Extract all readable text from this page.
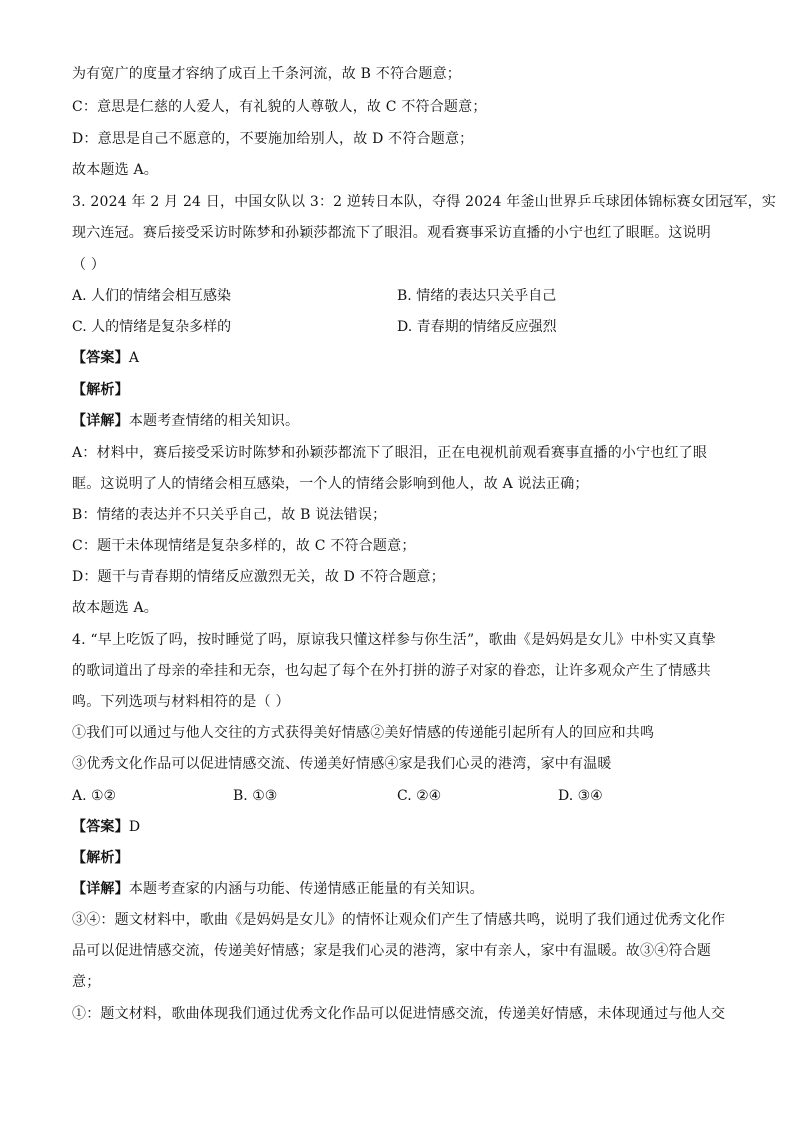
为有宽广的度量才容纳了成百上千条河流，故 B 不符合题意；
C：意思是仁慈的人爱人，有礼貌的人尊敬人，故 C 不符合题意；
D：意思是自己不愿意的，不要施加给别人，故 D 不符合题意；
故本题选 A。
3. 2024 年 2 月 24 日，中国女队以 3：2 逆转日本队，夺得 2024 年釜山世界乒乓球团体锦标赛女团冠军，实
现六连冠。赛后接受采访时陈梦和孙颖莎都流下了眼泪。观看赛事采访直播的小宁也红了眼眶。这说明
（ ）
A. 人们的情绪会相互感染	B. 情绪的表达只关乎自己
C. 人的情绪是复杂多样的	D. 青春期的情绪反应强烈
【答案】A
【解析】
【详解】本题考查情绪的相关知识。
A：材料中，赛后接受采访时陈梦和孙颖莎都流下了眼泪，正在电视机前观看赛事直播的小宁也红了眼
眶。这说明了人的情绪会相互感染，一个人的情绪会影响到他人，故 A 说法正确；
B：情绪的表达并不只关乎自己，故 B 说法错误；
C：题干未体现情绪是复杂多样的，故 C 不符合题意；
D：题干与青春期的情绪反应激烈无关，故 D 不符合题意；
故本题选 A。
4. “早上吃饭了吗，按时睡觉了吗，原谅我只懂这样参与你生活”，歌曲《是妈妈是女儿》中朴实又真挚
的歌词道出了母亲的牵挂和无奈，也勾起了每个在外打拼的游子对家的眷恋，让许多观众产生了情感共
鸣。下列选项与材料相符的是（ ）
①我们可以通过与他人交往的方式获得美好情感②美好情感的传递能引起所有人的回应和共鸣
③优秀文化作品可以促进情感交流、传递美好情感④家是我们心灵的港湾，家中有温暖
A. ①②	B. ①③	C. ②④	D. ③④
【答案】D
【解析】
【详解】本题考查家的内涵与功能、传递情感正能量的有关知识。
③④：题文材料中，歌曲《是妈妈是女儿》的情怀让观众们产生了情感共鸣，说明了我们通过优秀文化作
品可以促进情感交流，传递美好情感；家是我们心灵的港湾，家中有亲人，家中有温暖。故③④符合题
意；
①：题文材料，歌曲体现我们通过优秀文化作品可以促进情感交流，传递美好情感，未体现通过与他人交
